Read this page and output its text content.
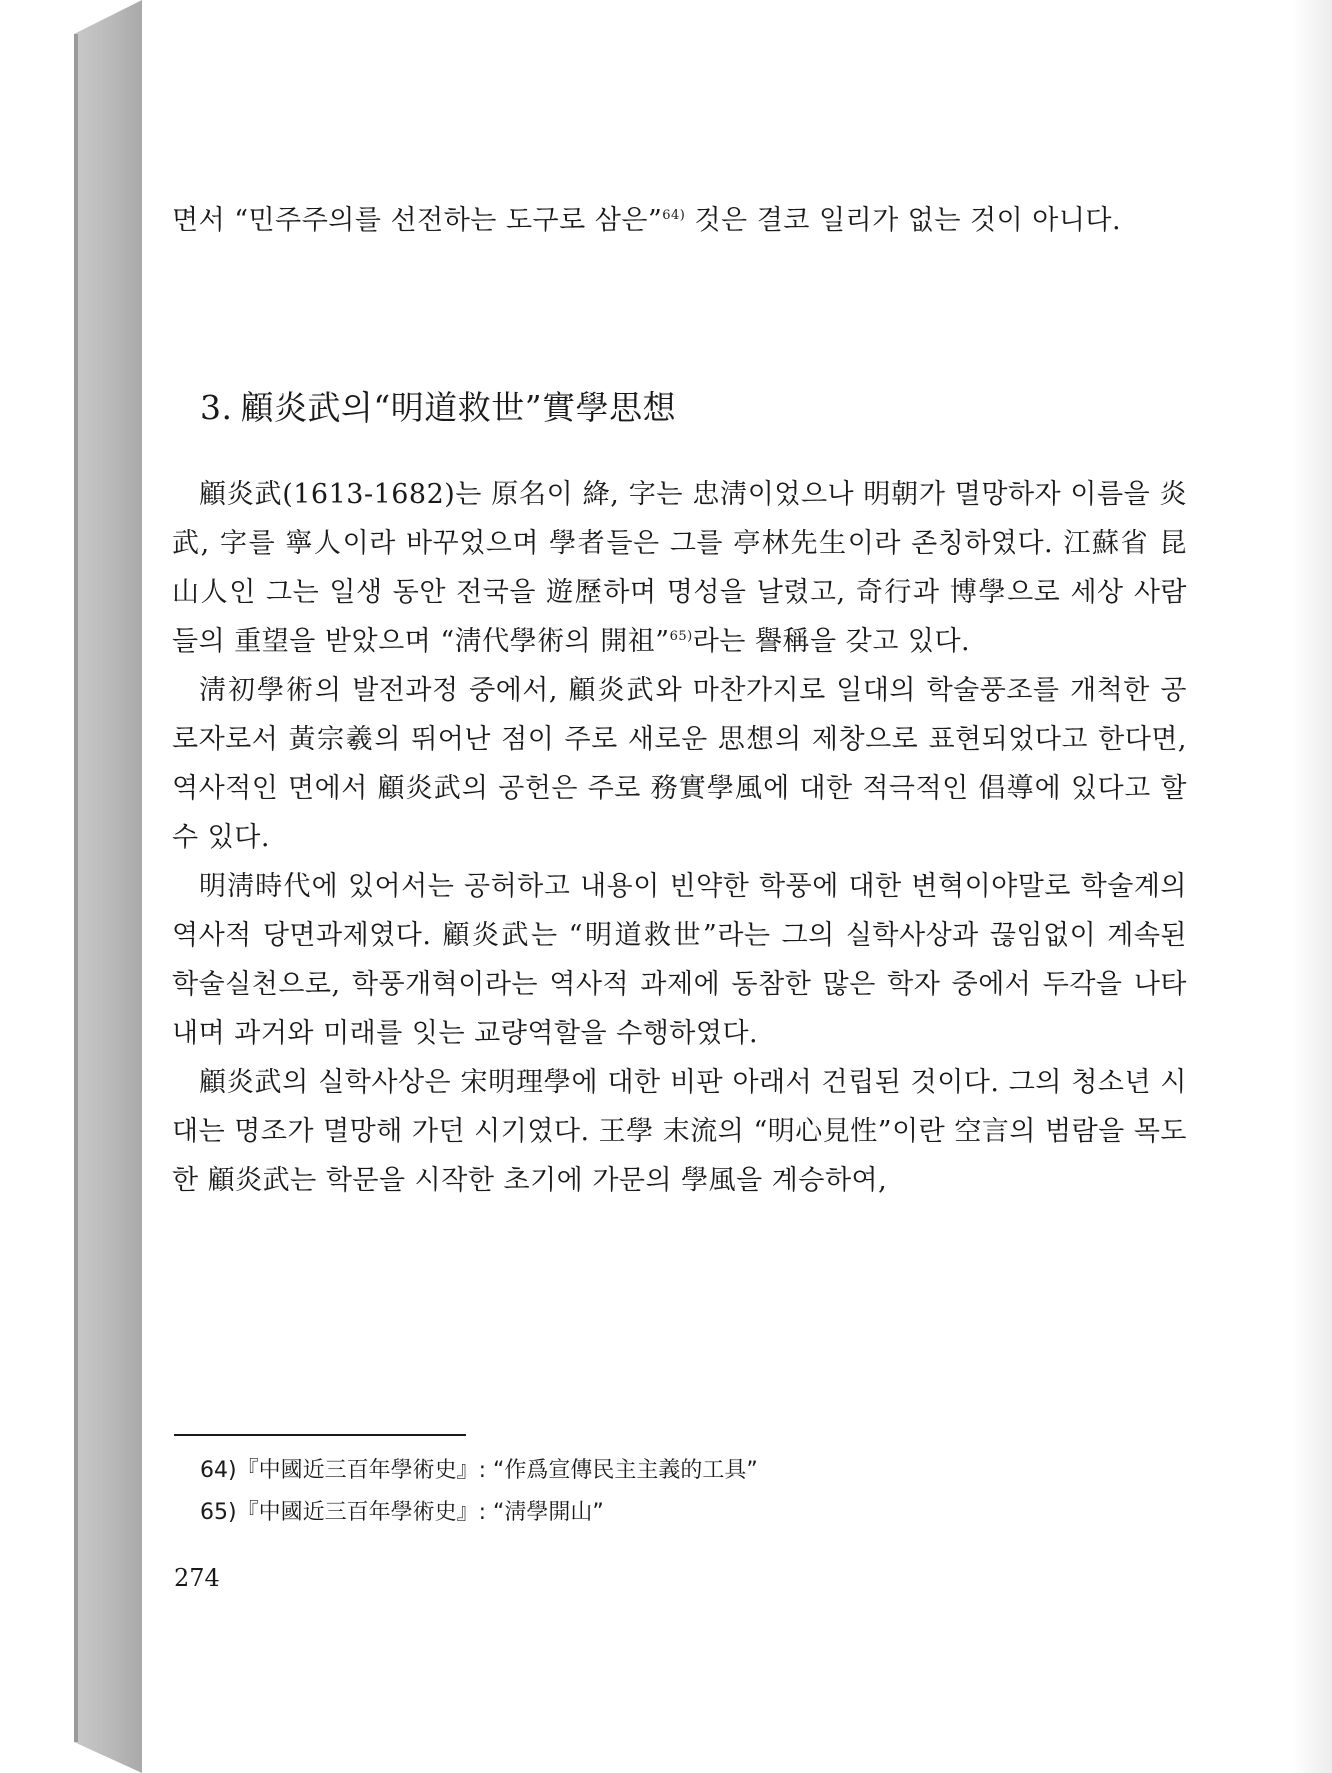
면서 “민주주의를 선전하는 도구로 삼은”$^{64)}$ 것은 결코 일리가 없는 것이 아니다.

3. 顧炎武의“明道救世”實學思想

顧炎武(1613-1682)는 原名이 絳, 字는 忠淸이었으나 明朝가 멸망하자 이름을 炎武, 字를 寧人이라 바꾸었으며 學者들은 그를 亭林先生이라 존칭하였다. 江蘇省 昆山人인 그는 일생 동안 전국을 遊歷하며 명성을 날렸고, 奇行과 博學으로 세상 사람들의 重望을 받았으며 “淸代學術의 開祖”$^{65)}$라는 譽稱을 갖고 있다.

淸初學術의 발전과정 중에서, 顧炎武와 마찬가지로 일대의 학술풍조를 개척한 공로자로서 黃宗羲의 뛰어난 점이 주로 새로운 思想의 제창으로 표현되었다고 한다면, 역사적인 면에서 顧炎武의 공헌은 주로 務實學風에 대한 적극적인 倡導에 있다고 할 수 있다.

明淸時代에 있어서는 공허하고 내용이 빈약한 학풍에 대한 변혁이야말로 학술계의 역사적 당면과제였다. 顧炎武는 “明道救世”라는 그의 실학사상과 끊임없이 계속된 학술실천으로, 학풍개혁이라는 역사적 과제에 동참한 많은 학자 중에서 두각을 나타내며 과거와 미래를 잇는 교량역할을 수행하였다.

顧炎武의 실학사상은 宋明理學에 대한 비판 아래서 건립된 것이다. 그의 청소년 시대는 명조가 멸망해 가던 시기였다. 王學 末流의 “明心見性”이란 空言의 범람을 목도한 顧炎武는 학문을 시작한 초기에 가문의 學風을 계승하여,

64)『中國近三百年學術史』: “作爲宣傳民主主義的工具”
65)『中國近三百年學術史』: “淸學開山”
274
